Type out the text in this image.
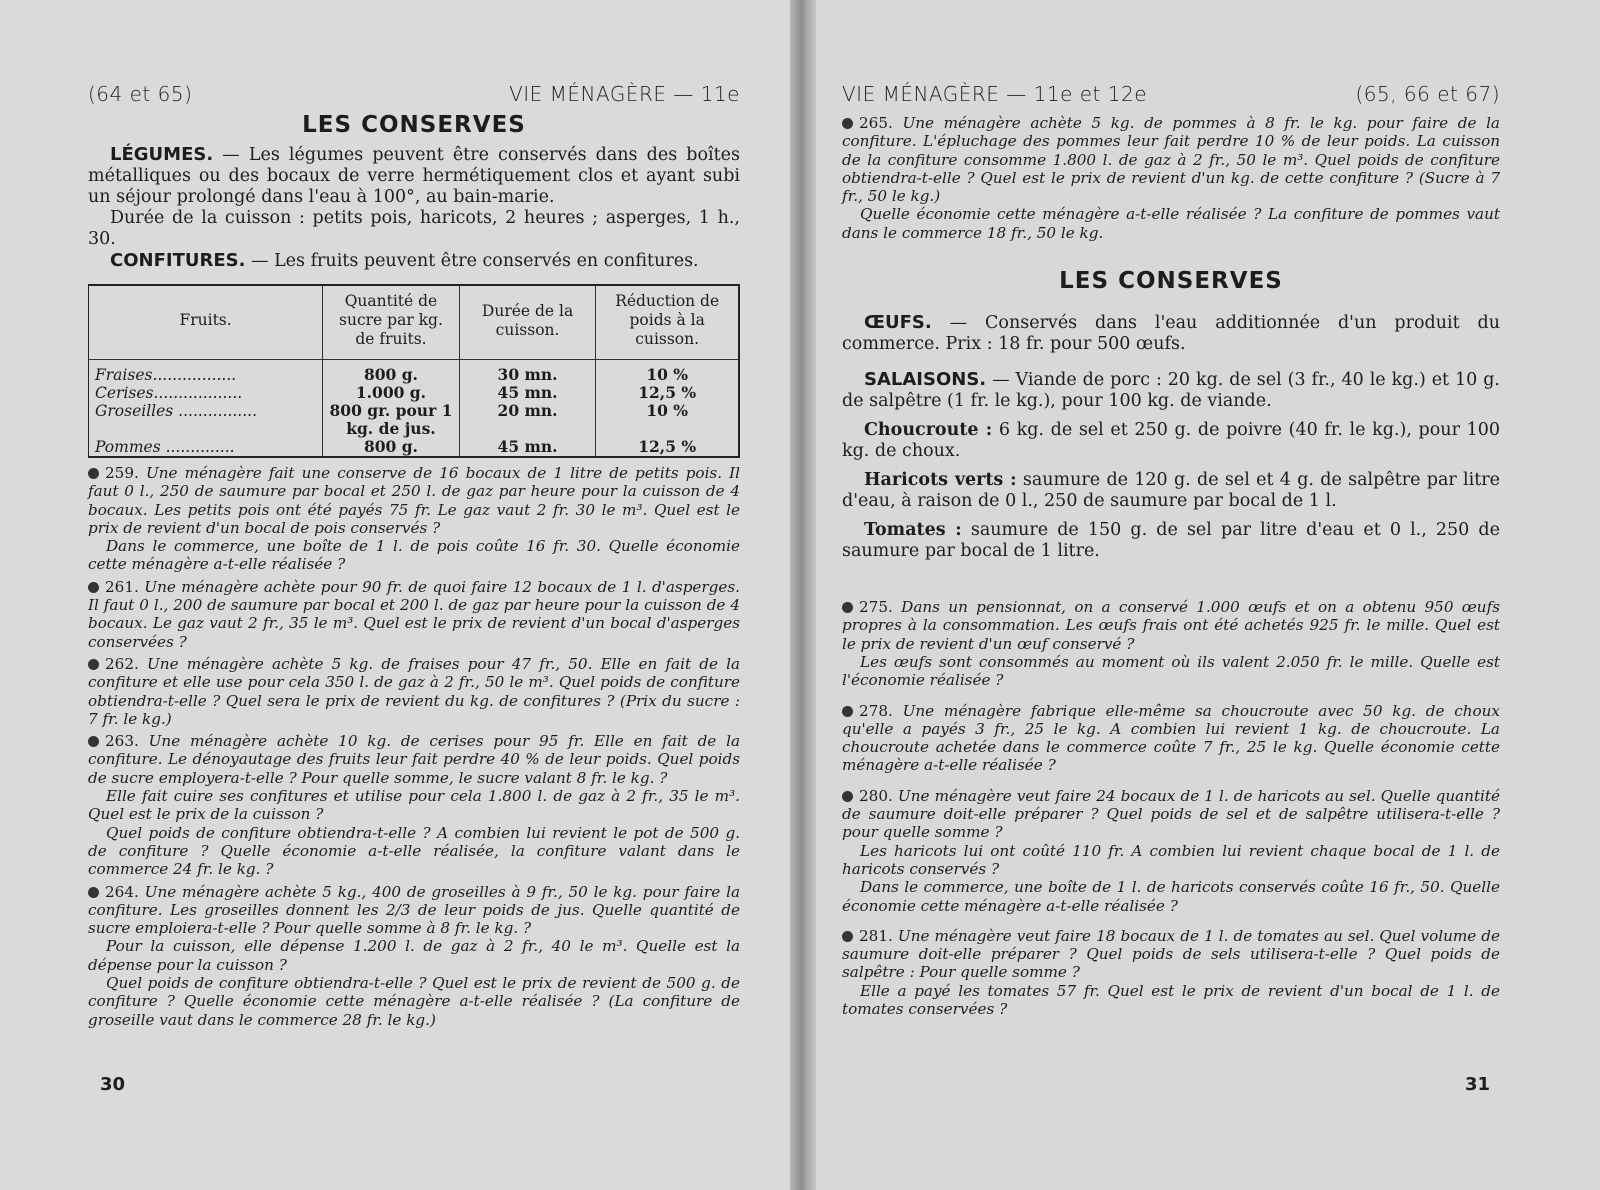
(64 et 65)	VIE MÉNAGÈRE — 11e
LES CONSERVES

LÉGUMES. — Les légumes peuvent être conservés dans des boîtes métalliques ou des bocaux de verre hermétiquement clos et ayant subi un séjour prolongé dans l'eau à 100°, au bain-marie.

Durée de la cuisson : petits pois, haricots, 2 heures ; asperges, 1 h., 30.

CONFITURES. — Les fruits peuvent être conservés en confitures.

Fruits.	Quantité de sucre par kg. de fruits.	Durée de la cuisson.	Réduction de poids à la cuisson.
Fraises.................	800 g.	30 mn.	10 %
Cerises..................	1.000 g.	45 mn.	12,5 %
Groseilles ................	800 gr. pour 1 kg. de jus.	20 mn.	10 %
Pommes ..............	800 g.	45 mn.	12,5 %

259. Une ménagère fait une conserve de 16 bocaux de 1 litre de petits pois. Il faut 0 l., 250 de saumure par bocal et 250 l. de gaz par heure pour la cuisson de 4 bocaux. Les petits pois ont été payés 75 fr. Le gaz vaut 2 fr. 30 le m³. Quel est le prix de revient d'un bocal de pois conservés ?

Dans le commerce, une boîte de 1 l. de pois coûte 16 fr. 30. Quelle économie cette ménagère a-t-elle réalisée ?

261. Une ménagère achète pour 90 fr. de quoi faire 12 bocaux de 1 l. d'asperges. Il faut 0 l., 200 de saumure par bocal et 200 l. de gaz par heure pour la cuisson de 4 bocaux. Le gaz vaut 2 fr., 35 le m³. Quel est le prix de revient d'un bocal d'asperges conservées ?

262. Une ménagère achète 5 kg. de fraises pour 47 fr., 50. Elle en fait de la confiture et elle use pour cela 350 l. de gaz à 2 fr., 50 le m³. Quel poids de confiture obtiendra-t-elle ? Quel sera le prix de revient du kg. de confitures ? (Prix du sucre : 7 fr. le kg.)

263. Une ménagère achète 10 kg. de cerises pour 95 fr. Elle en fait de la confiture. Le dénoyautage des fruits leur fait perdre 40 % de leur poids. Quel poids de sucre employera-t-elle ? Pour quelle somme, le sucre valant 8 fr. le kg. ?

Elle fait cuire ses confitures et utilise pour cela 1.800 l. de gaz à 2 fr., 35 le m³. Quel est le prix de la cuisson ?

Quel poids de confiture obtiendra-t-elle ? A combien lui revient le pot de 500 g. de confiture ? Quelle économie a-t-elle réalisée, la confiture valant dans le commerce 24 fr. le kg. ?

264. Une ménagère achète 5 kg., 400 de groseilles à 9 fr., 50 le kg. pour faire la confiture. Les groseilles donnent les 2/3 de leur poids de jus. Quelle quantité de sucre emploiera-t-elle ? Pour quelle somme à 8 fr. le kg. ?

Pour la cuisson, elle dépense 1.200 l. de gaz à 2 fr., 40 le m³. Quelle est la dépense pour la cuisson ?

Quel poids de confiture obtiendra-t-elle ? Quel est le prix de revient de 500 g. de confiture ? Quelle économie cette ménagère a-t-elle réalisée ? (La confiture de groseille vaut dans le commerce 28 fr. le kg.)

30
VIE MÉNAGÈRE — 11e et 12e	(65, 66 et 67)

265. Une ménagère achète 5 kg. de pommes à 8 fr. le kg. pour faire de la confiture. L'épluchage des pommes leur fait perdre 10 % de leur poids. La cuisson de la confiture consomme 1.800 l. de gaz à 2 fr., 50 le m³. Quel poids de confiture obtiendra-t-elle ? Quel est le prix de revient d'un kg. de cette confiture ? (Sucre à 7 fr., 50 le kg.)

Quelle économie cette ménagère a-t-elle réalisée ? La confiture de pommes vaut dans le commerce 18 fr., 50 le kg.

LES CONSERVES

ŒUFS. — Conservés dans l'eau additionnée d'un produit du commerce. Prix : 18 fr. pour 500 œufs.

SALAISONS. — Viande de porc : 20 kg. de sel (3 fr., 40 le kg.) et 10 g. de salpêtre (1 fr. le kg.), pour 100 kg. de viande.

Choucroute : 6 kg. de sel et 250 g. de poivre (40 fr. le kg.), pour 100 kg. de choux.

Haricots verts : saumure de 120 g. de sel et 4 g. de salpêtre par litre d'eau, à raison de 0 l., 250 de saumure par bocal de 1 l.

Tomates : saumure de 150 g. de sel par litre d'eau et 0 l., 250 de saumure par bocal de 1 litre.

275. Dans un pensionnat, on a conservé 1.000 œufs et on a obtenu 950 œufs propres à la consommation. Les œufs frais ont été achetés 925 fr. le mille. Quel est le prix de revient d'un œuf conservé ?

Les œufs sont consommés au moment où ils valent 2.050 fr. le mille. Quelle est l'économie réalisée ?

278. Une ménagère fabrique elle-même sa choucroute avec 50 kg. de choux qu'elle a payés 3 fr., 25 le kg. A combien lui revient 1 kg. de choucroute. La choucroute achetée dans le commerce coûte 7 fr., 25 le kg. Quelle économie cette ménagère a-t-elle réalisée ?

280. Une ménagère veut faire 24 bocaux de 1 l. de haricots au sel. Quelle quantité de saumure doit-elle préparer ? Quel poids de sel et de salpêtre utilisera-t-elle ? pour quelle somme ?

Les haricots lui ont coûté 110 fr. A combien lui revient chaque bocal de 1 l. de haricots conservés ?

Dans le commerce, une boîte de 1 l. de haricots conservés coûte 16 fr., 50. Quelle économie cette ménagère a-t-elle réalisée ?

281. Une ménagère veut faire 18 bocaux de 1 l. de tomates au sel. Quel volume de saumure doit-elle préparer ? Quel poids de sels utilisera-t-elle ? Quel poids de salpêtre : Pour quelle somme ?

Elle a payé les tomates 57 fr. Quel est le prix de revient d'un bocal de 1 l. de tomates conservées ?

31
